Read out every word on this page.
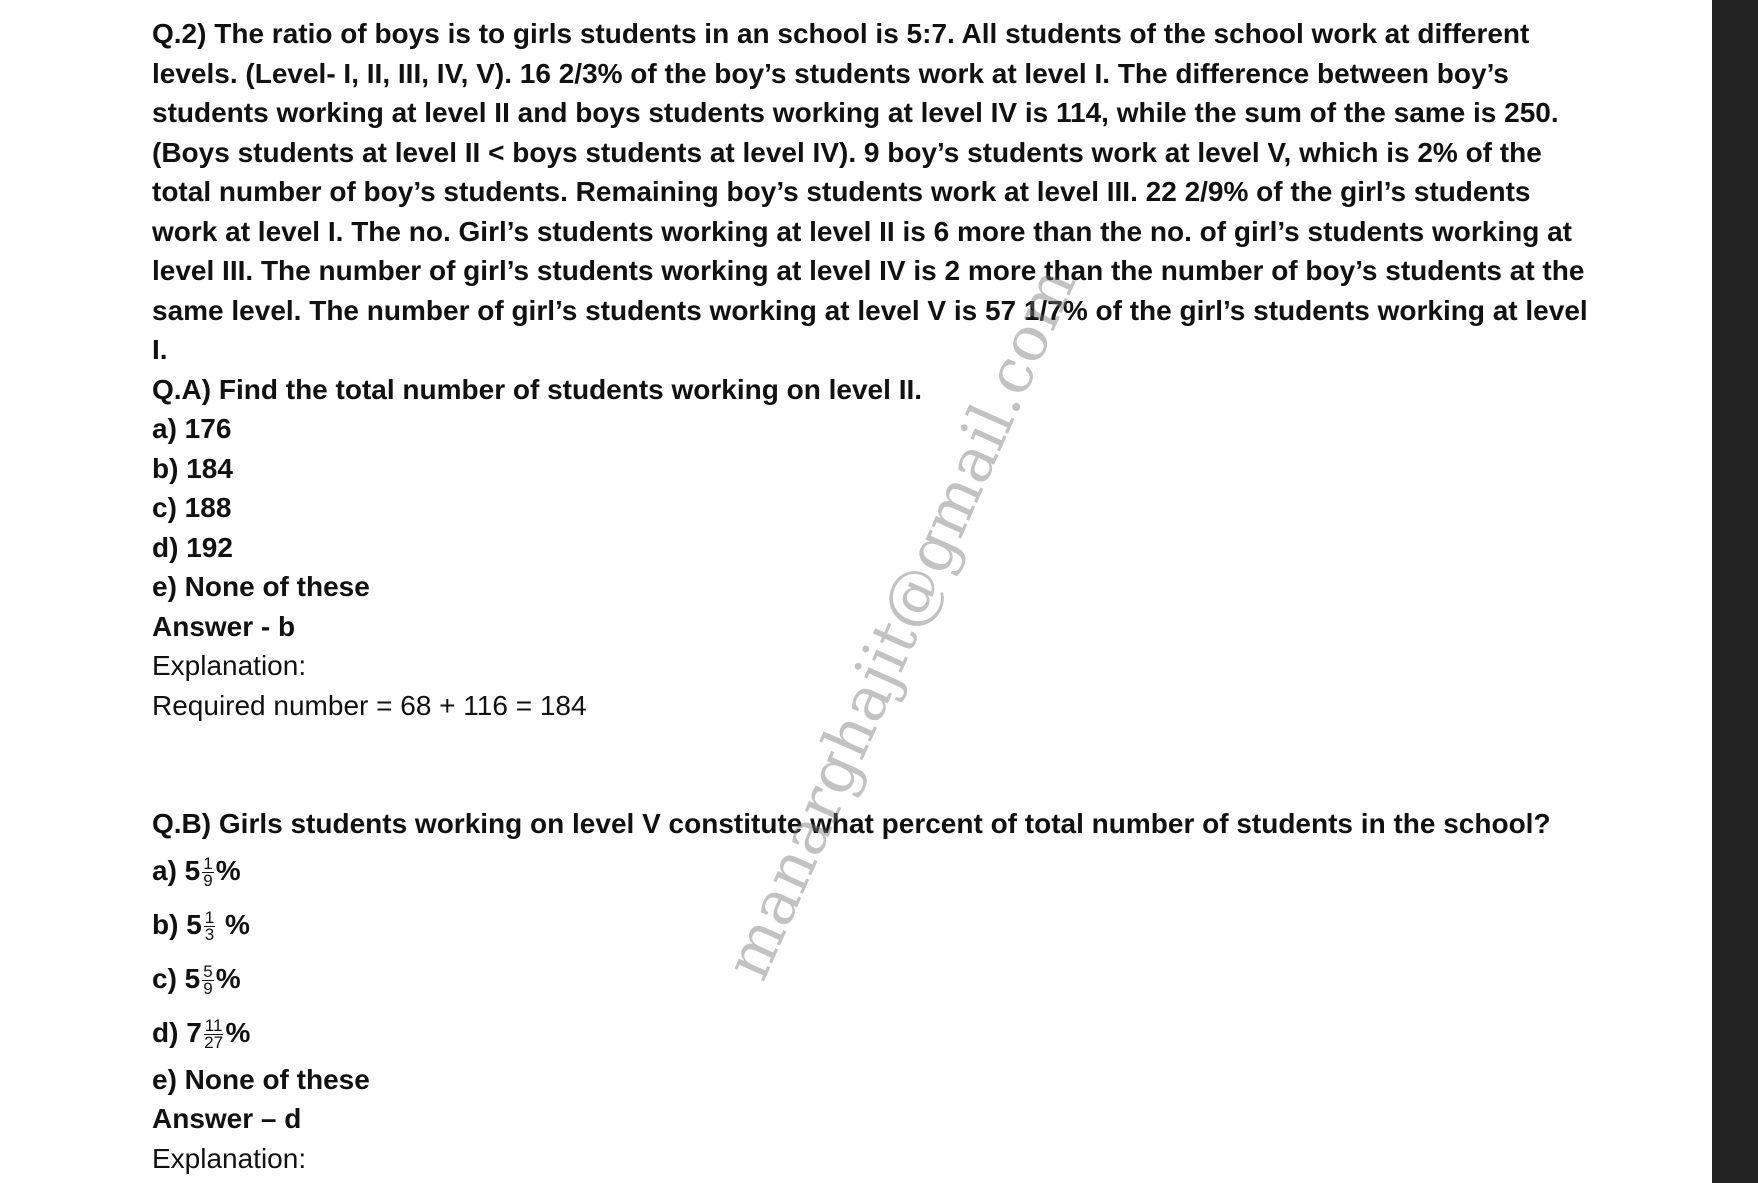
Q.2) The ratio of boys is to girls students in an school is 5:7. All students of the school work at different

levels. (Level- I, II, III, IV, V). 16 2/3% of the boy’s students work at level I. The difference between boy’s

students working at level II and boys students working at level IV is 114, while the sum of the same is 250.

(Boys students at level II < boys students at level IV). 9 boy’s students work at level V, which is 2% of the

total number of boy’s students. Remaining boy’s students work at level III. 22 2/9% of the girl’s students

work at level I. The no. Girl’s students working at level II is 6 more than the no. of girl’s students working at

level III. The number of girl’s students working at level IV is 2 more than the number of boy’s students at the

same level. The number of girl’s students working at level V is 57 1/7% of the girl’s students working at level

I.

Q.A) Find the total number of students working on level II.

a) 176

b) 184

c) 188

d) 192

e) None of these

Answer - b

Explanation:

Required number = 68 + 116 = 184

Q.B) Girls students working on level V constitute what percent of total number of students in the school?

a) $5 \frac{1}{9}$ %

b) $5 \frac{1}{3}$ %

c) $5 \frac{5}{9}$ %

d) $7 \frac{11}{27}$ %

e) None of these

Answer – d

Explanation:

manarghajit@gmail.com
